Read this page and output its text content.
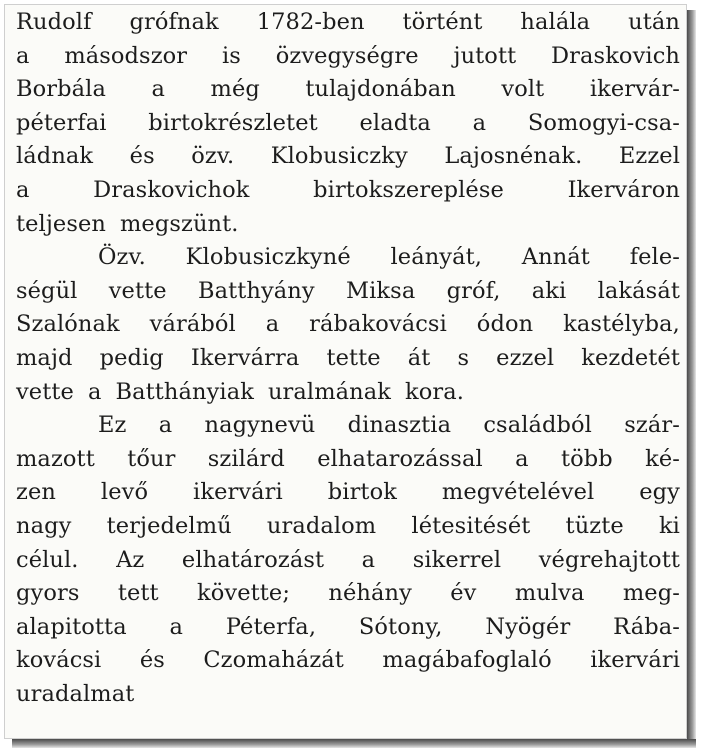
Rudolf grófnak 1782-ben történt halála után
a másodszor is özvegységre jutott Draskovich
Borbála a még tulajdonában volt ikervár-
péterfai birtokrészletet eladta a Somogyi-csa-
ládnak és özv. Klobusiczky Lajosnénak. Ezzel
a	Draskovichok	birtokszereplése	Ikerváron
teljesen megszünt.
Özv. Klobusiczkyné leányát, Annát fele-
ségül vette Batthyány Miksa gróf, aki lakását
Szalónak várából a rábakovácsi ódon kastélyba,
majd pedig Ikervárra tette át s ezzel kezdetét
vette a Batthányiak uralmának kora.
Ez a nagynevü dinasztia családból szár-
mazott tőur szilárd elhatarozással a több ké-
zen levő ikervári birtok megvételével egy
nagy terjedelmű uradalom létesitését tüzte ki
célul. Az elhatározást a sikerrel végrehajtott
gyors tett követte; néhány év mulva meg-
alapitotta a Péterfa, Sótony, Nyögér Rába-
kovácsi és Czomaházát magábafoglaló ikervári
uradalmat
